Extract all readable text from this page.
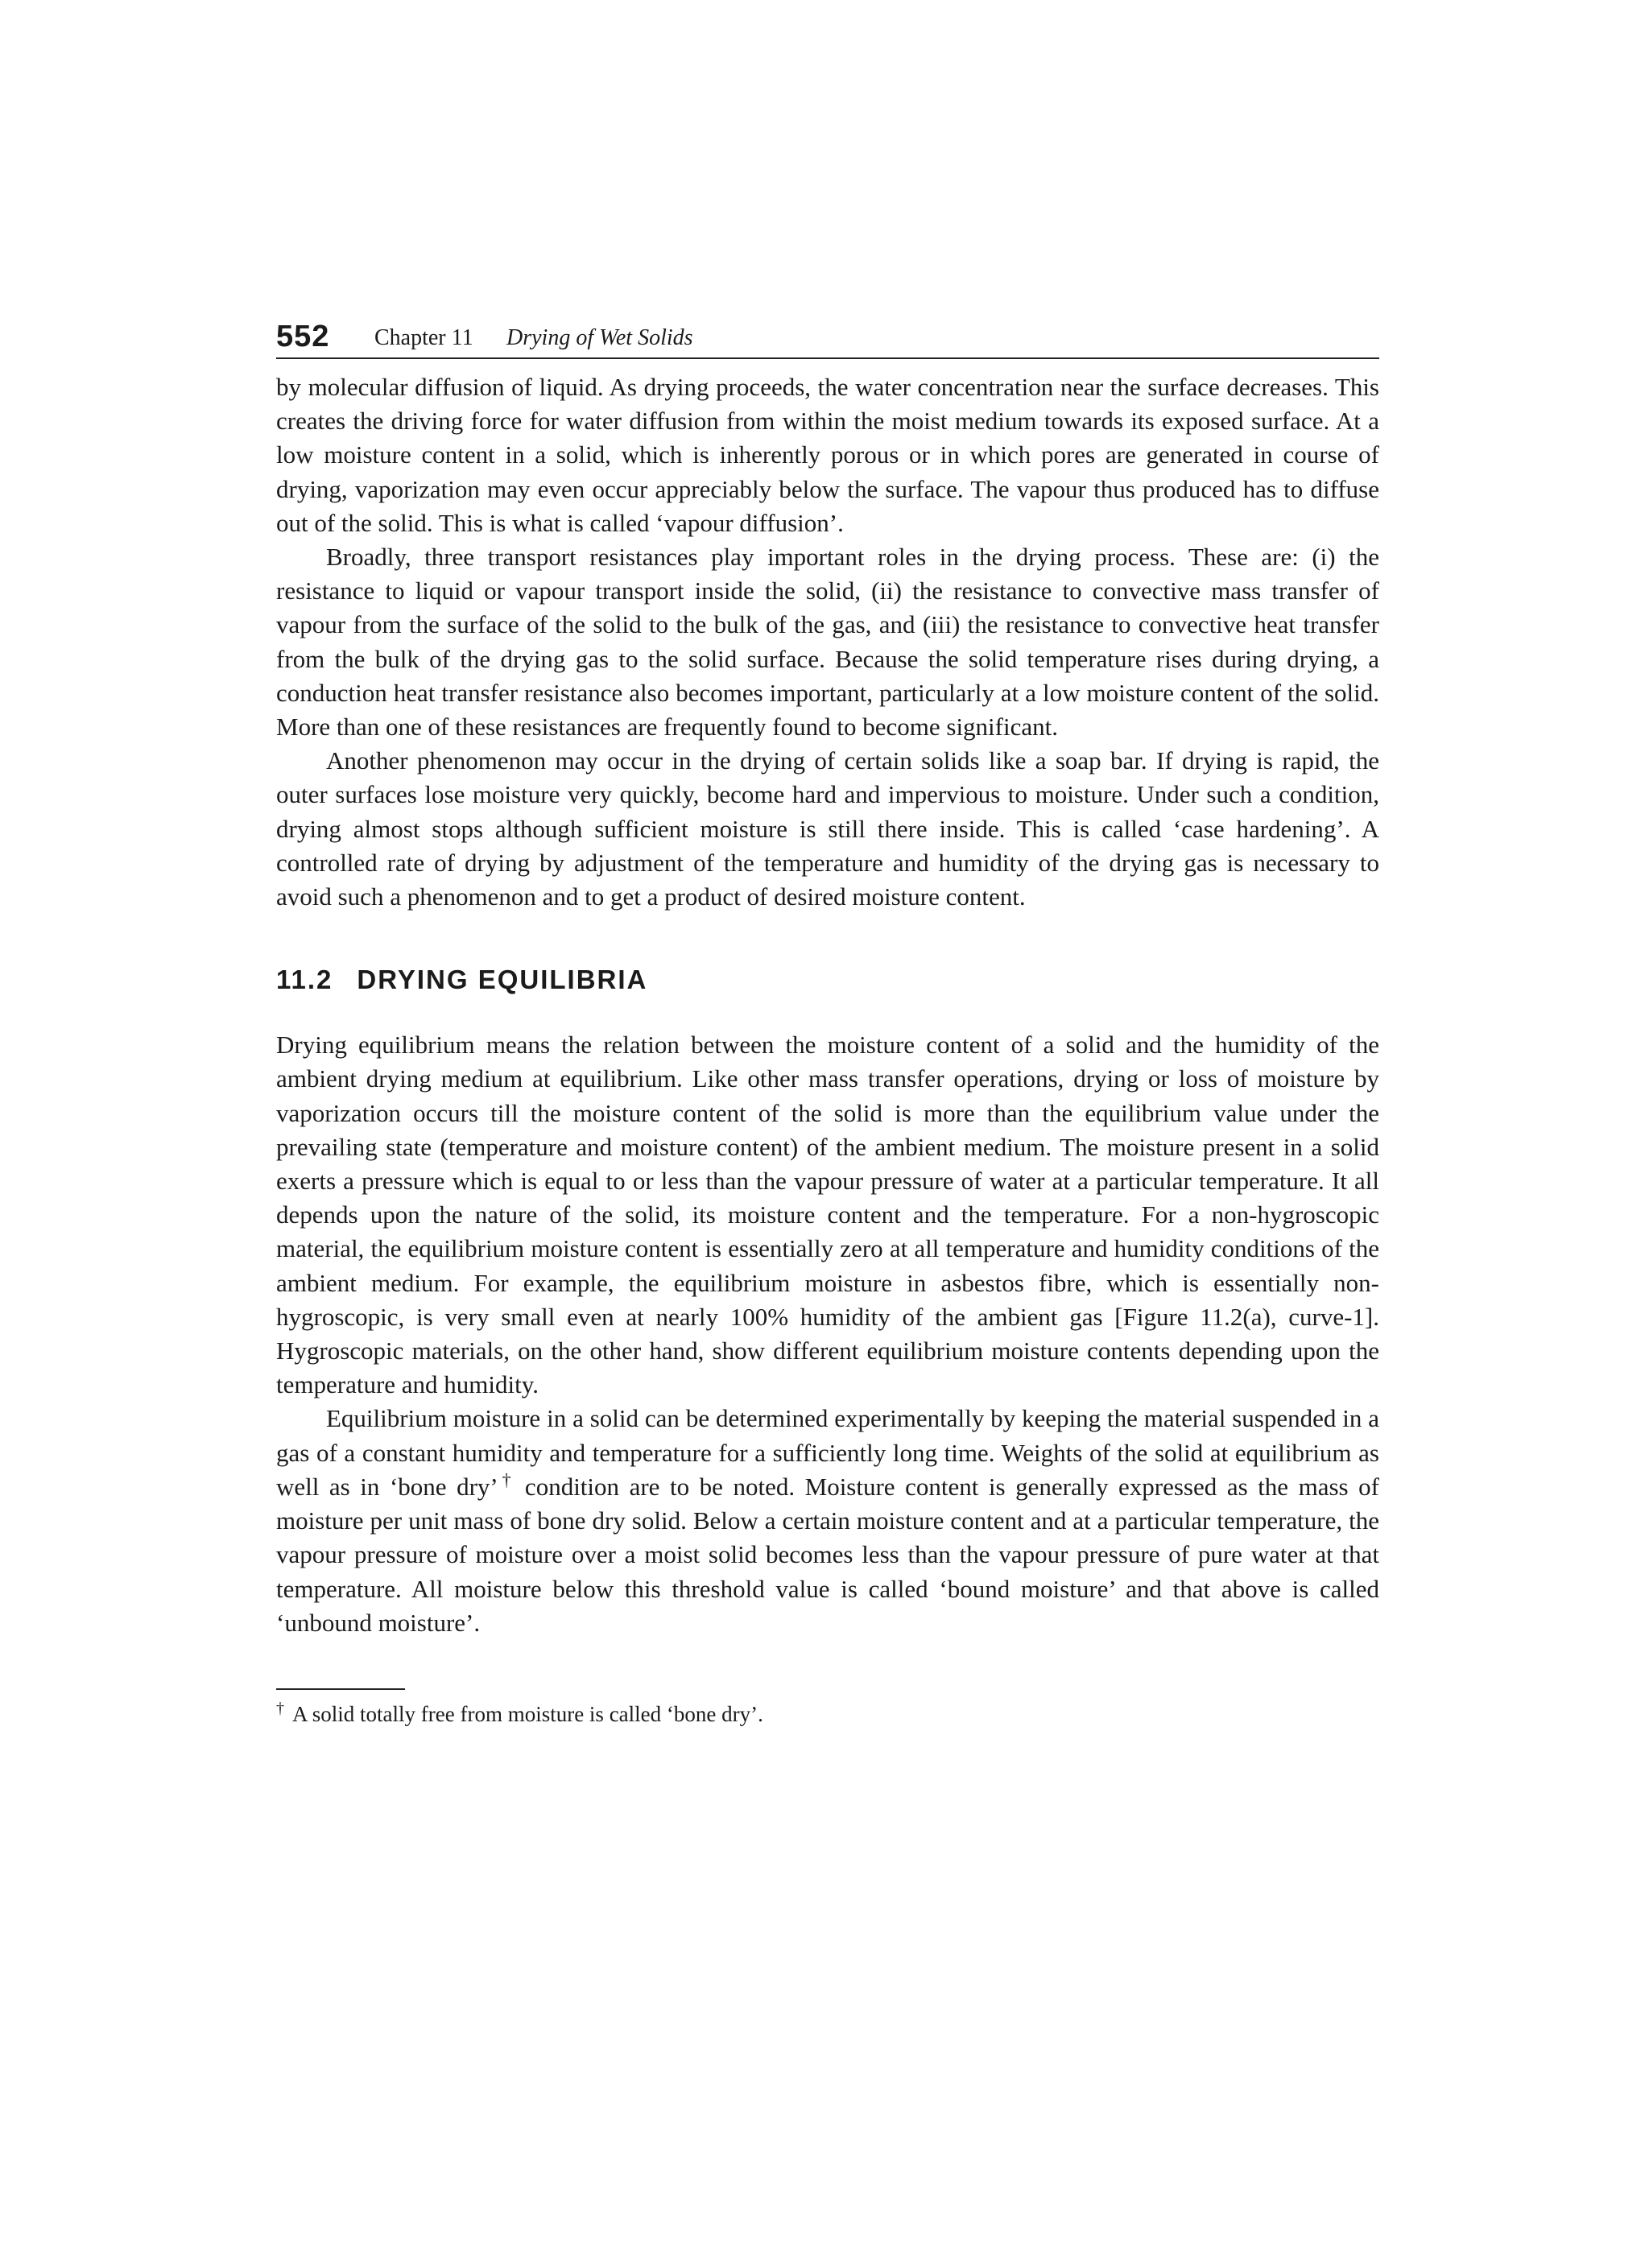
552 Chapter 11 Drying of Wet Solids

by molecular diffusion of liquid. As drying proceeds, the water concentration near the surface decreases. This creates the driving force for water diffusion from within the moist medium towards its exposed surface. At a low moisture content in a solid, which is inherently porous or in which pores are generated in course of drying, vaporization may even occur appreciably below the surface. The vapour thus produced has to diffuse out of the solid. This is what is called ‘vapour diffusion’.

Broadly, three transport resistances play important roles in the drying process. These are: (i) the resistance to liquid or vapour transport inside the solid, (ii) the resistance to convective mass transfer of vapour from the surface of the solid to the bulk of the gas, and (iii) the resistance to convective heat transfer from the bulk of the drying gas to the solid surface. Because the solid temperature rises during drying, a conduction heat transfer resistance also becomes important, particularly at a low moisture content of the solid. More than one of these resistances are frequently found to become significant.

Another phenomenon may occur in the drying of certain solids like a soap bar. If drying is rapid, the outer surfaces lose moisture very quickly, become hard and impervious to moisture. Under such a condition, drying almost stops although sufficient moisture is still there inside. This is called ‘case hardening’. A controlled rate of drying by adjustment of the temperature and humidity of the drying gas is necessary to avoid such a phenomenon and to get a product of desired moisture content.

11.2 DRYING EQUILIBRIA

Drying equilibrium means the relation between the moisture content of a solid and the humidity of the ambient drying medium at equilibrium. Like other mass transfer operations, drying or loss of moisture by vaporization occurs till the moisture content of the solid is more than the equilibrium value under the prevailing state (temperature and moisture content) of the ambient medium. The moisture present in a solid exerts a pressure which is equal to or less than the vapour pressure of water at a particular temperature. It all depends upon the nature of the solid, its moisture content and the temperature. For a non-hygroscopic material, the equilibrium moisture content is essentially zero at all temperature and humidity conditions of the ambient medium. For example, the equilibrium moisture in asbestos fibre, which is essentially non-hygroscopic, is very small even at nearly 100% humidity of the ambient gas [Figure 11.2(a), curve-1]. Hygroscopic materials, on the other hand, show different equilibrium moisture contents depending upon the temperature and humidity.

Equilibrium moisture in a solid can be determined experimentally by keeping the material suspended in a gas of a constant humidity and temperature for a sufficiently long time. Weights of the solid at equilibrium as well as in ‘bone dry’† condition are to be noted. Moisture content is generally expressed as the mass of moisture per unit mass of bone dry solid. Below a certain moisture content and at a particular temperature, the vapour pressure of moisture over a moist solid becomes less than the vapour pressure of pure water at that temperature. All moisture below this threshold value is called ‘bound moisture’ and that above is called ‘unbound moisture’.

† A solid totally free from moisture is called ‘bone dry’.
